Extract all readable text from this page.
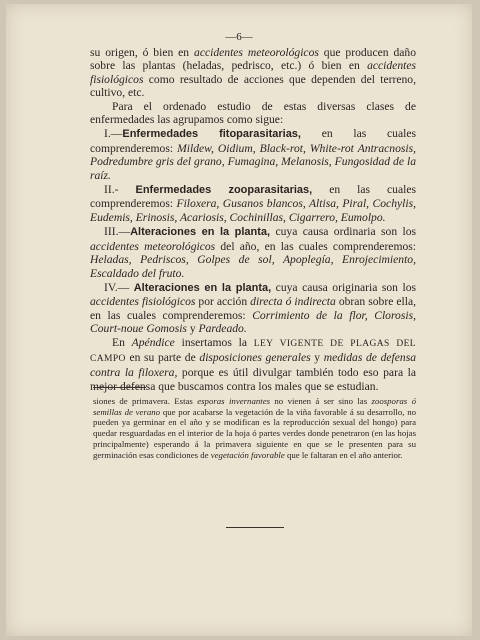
—6—

su origen, ó bien en accidentes meteorológicos que producen daño sobre las plantas (heladas, pedrisco, etc.) ó bien en accidentes fisiológicos como resultado de acciones que dependen del terreno, cultivo, etc.

Para el ordenado estudio de estas diversas clases de enfermedades las agrupamos como sigue:

I.—Enfermedades fitoparasitarias, en las cuales comprenderemos: Mildew, Oidium, Black-rot, White-rot Antracnosis, Podredumbre gris del grano, Fumagina, Melanosis, Fungosidad de la raíz.

II.- Enfermedades zooparasitarias, en las cuales comprenderemos: Filoxera, Gusanos blancos, Altisa, Piral, Cochylis, Eudemis, Erinosis, Acariosis, Cochinillas, Cigarrero, Eumolpo.

III.—Alteraciones en la planta, cuya causa ordinaria son los accidentes meteorológicos del año, en las cuales comprenderemos: Heladas, Pedriscos, Golpes de sol, Apoplegía, Enrojecimiento, Escaldado del fruto.

IV.— Alteraciones en la planta, cuya causa originaria son los accidentes fisiológicos por acción directa ó indirecta obran sobre ella, en las cuales comprenderemos: Corrimiento de la flor, Clorosis, Court-noue Gomosis y Pardeado.

En Apéndice insertamos la LEY VIGENTE DE PLAGAS DEL CAMPO en su parte de disposiciones generales y medidas de defensa contra la filoxera, porque es útil divulgar también todo eso para la mejor defensa que buscamos contra los males que se estudian.

siones de primavera. Estas esporas invernantes no vienen á ser sino las zoosporas ó semillas de verano que por acabarse la vegetación de la viña favorable á su desarrollo, no pueden ya germinar en el año y se modifican es la reproducción sexual del hongo) para quedar resguardadas en el interior de la hoja ó partes verdes donde penetraron (en las hojas principalmente) esperando á la primavera siguiente en que se le presenten para su germinación esas condiciones de vegetación favorable que le faltaran en el año anterior.
